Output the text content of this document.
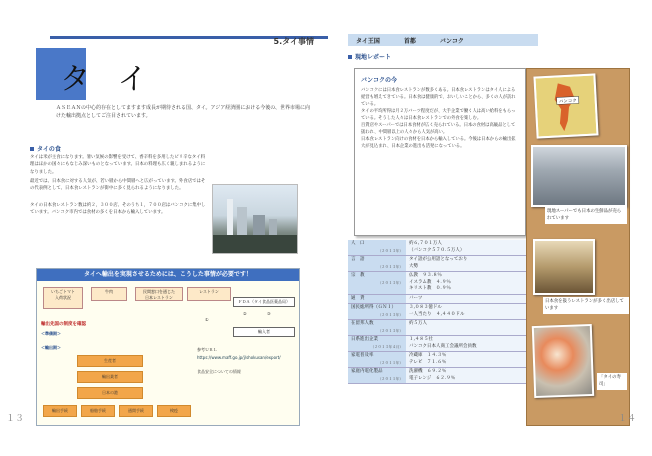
5.タイ事情
タイ
ＡＳＥＡＮの中心的存在としてますます成長が期待される国、タイ。アジア経済圏における今後の、世界市場に向けた輸出拠点としてご注目されています。
タイの食
タイは米が主食になります。暑い気候の影響を受けて、香辛料を多用したピリ辛なタイ料理はほかの国々にもなじみ深いものとなっています。日本の料理も広く親しまれるようになりました。
最近では、日本食に対する人気が、若い層から中間層へと広がっています。外食店ではその代表例として、日本食レストランが街中に多く見られるようになりました。
タイの日本食レストラン数は約２，３００店、そのうち１，７００店はバンコクに集中しています。バンコク市内では食材の多くを日本から輸入しています。
タイへ輸出を実現させるためには、こうした事情が必要です！
いちごトマト
入荷状況
牛肉	民間窓口を通じた
日本レストラン
レストラン
ＦＤＡ（タイ食品医薬品局）
②	③
①
輸入者
輸出先国の制度を確認
＜準備期＞
＜輸出期＞
生産者
輸出業者
日本の港
輸出手続	船舶手続	通関手続	検疫
参考ＵＲＬ
https://www.maff.go.jp/j/shokusan/export/
食品安全についての情報
１３
タイ王国	首都	バンコク
現地レポート
バンコクの今
バンコクには日本食レストランが数多くある。日本食レストランはタイ人による経営も増えてきている。日本食は健康的で、おいしいことから、多くの人が訪れている。
タイの平均所得は月２万バーツ程度だが、大手企業で働く人は高い給料をもらっている。そうした人々は日本食レストランでの外食を楽しむ。
百貨店やスーパーでは日本食材が広く売られている。日本の食材は高級品として扱われ、中間層以上の人々から人気が高い。
日本食レストラン向けの食材を日本から輸入している。今後は日本からの輸出拡大が見込まれ、日本企業の進出も活発になっている。
人　口
（２０１３年）	約６,７０１万人
（バンコク５７０.５万人）
言　語
（２０１３年）	タイ語が公用語となっており
大勢
宗　教
（２０１３年）	仏教　９３.８％
イスラム教　４.９％
キリスト教　０.９％
通　貨	バーツ
国民総所得（ＧＮＩ）
（２０１３年）	３,０８３億ドル
一人当たり　４,４４０ドル
在留邦人数
（２０１３年）	約５万人
日系進出企業
（２０１３年４月）	１,４８５社
バンコク日本人商工会議所会員数
家電普及率
（２０１１年）	冷蔵庫　１４.３％
テレビ　７１.６％
家庭内電化製品
（２０１１年）	洗濯機　６９.２％
電子レンジ　６２.９％
バンコク
現地スーパーでも日本の生鮮品が売られています
日本食を扱うレストランが多く出店しています
「タイの寿司」
１４
